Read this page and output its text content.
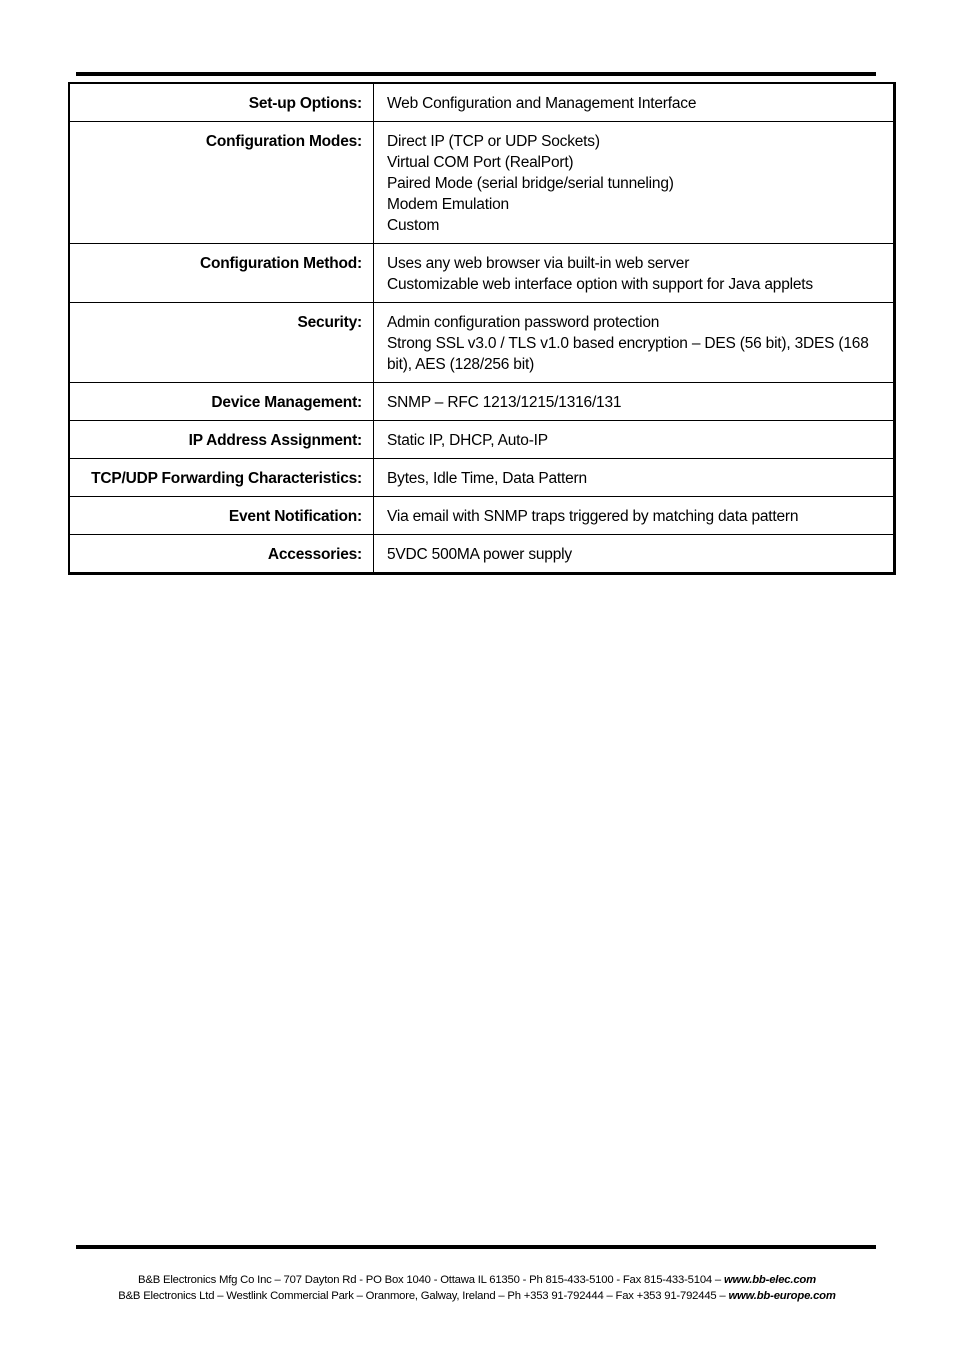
Set-up Options:	Web Configuration and Management Interface
Configuration Modes:	Direct IP (TCP or UDP Sockets)
Virtual COM Port (RealPort)
Paired Mode (serial bridge/serial tunneling)
Modem Emulation
Custom
Configuration Method:	Uses any web browser via built-in web server
Customizable web interface option with support for Java applets
Security:	Admin configuration password protection
Strong SSL v3.0 / TLS v1.0 based encryption – DES (56 bit), 3DES (168 bit), AES (128/256 bit)
Device Management:	SNMP – RFC 1213/1215/1316/131
IP Address Assignment:	Static IP, DHCP, Auto-IP
TCP/UDP Forwarding Characteristics:	Bytes, Idle Time, Data Pattern
Event Notification:	Via email with SNMP traps triggered by matching data pattern
Accessories:	5VDC 500MA power supply
B&B Electronics Mfg Co Inc – 707 Dayton Rd - PO Box 1040 - Ottawa IL 61350 - Ph 815-433-5100 - Fax 815-433-5104 – www.bb-elec.com
B&B Electronics Ltd – Westlink Commercial Park – Oranmore, Galway, Ireland – Ph +353 91-792444 – Fax +353 91-792445 – www.bb-europe.com
